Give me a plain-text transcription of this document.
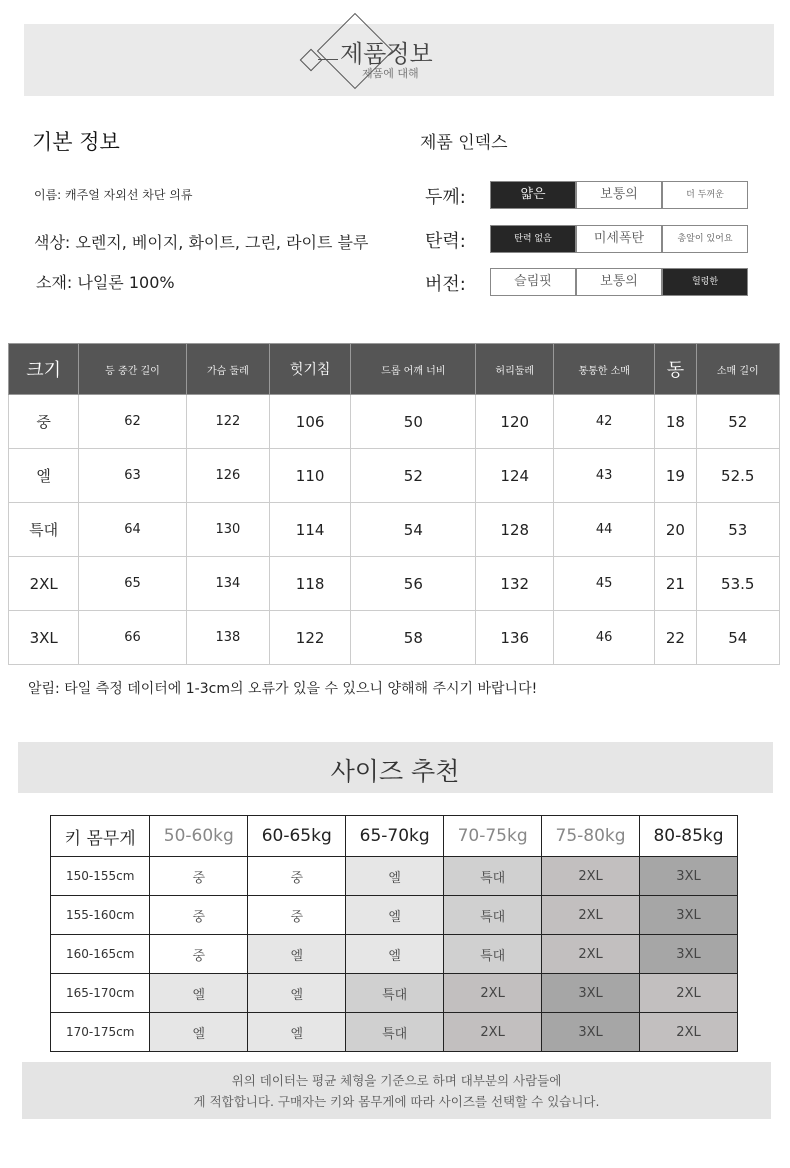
제품정보
제품에 대해
기본 정보
이름: 캐주얼 자외선 차단 의류
색상: 오렌지, 베이지, 화이트, 그린, 라이트 블루
소재: 나일론 100%
제품 인덱스
두께:	얇은	보통의	더 두꺼운
탄력:	탄력 없음	미세폭탄	총알이 있어요
버전:	슬림핏	보통의	헐렁한
크기	등 중간 길이	가슴 둘레	헛기침	드롭 어깨 너비	허리둘레	통통한 소매	동	소매 길이
중	62	122	106	50	120	42	18	52
엘	63	126	110	52	124	43	19	52.5
특대	64	130	114	54	128	44	20	53
2XL	65	134	118	56	132	45	21	53.5
3XL	66	138	122	58	136	46	22	54
알림: 타일 측정 데이터에 1-3cm의 오류가 있을 수 있으니 양해해 주시기 바랍니다!
사이즈 추천
키 몸무게	50-60kg	60-65kg	65-70kg	70-75kg	75-80kg	80-85kg
150-155cm	중	중	엘	특대	2XL	3XL
155-160cm	중	중	엘	특대	2XL	3XL
160-165cm	중	엘	엘	특대	2XL	3XL
165-170cm	엘	엘	특대	2XL	3XL	2XL
170-175cm	엘	엘	특대	2XL	3XL	2XL
위의 데이터는 평균 체형을 기준으로 하며 대부분의 사람들에
게 적합합니다. 구매자는 키와 몸무게에 따라 사이즈를 선택할 수 있습니다.
